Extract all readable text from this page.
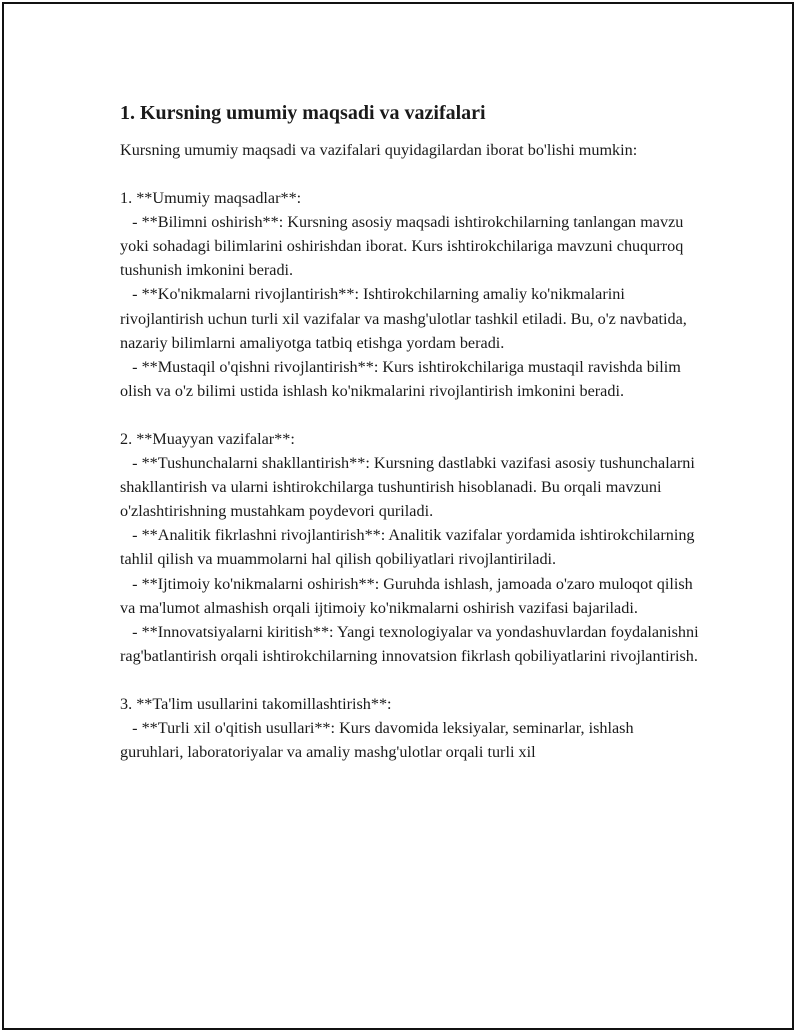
1. Kursning umumiy maqsadi va vazifalari

Kursning umumiy maqsadi va vazifalari quyidagilardan iborat bo'lishi mumkin:

1. **Umumiy maqsadlar**:

- **Bilimni oshirish**: Kursning asosiy maqsadi ishtirokchilarning tanlangan mavzu yoki sohadagi bilimlarini oshirishdan iborat. Kurs ishtirokchilariga mavzuni chuqurroq tushunish imkonini beradi.

- **Ko'nikmalarni rivojlantirish**: Ishtirokchilarning amaliy ko'nikmalarini rivojlantirish uchun turli xil vazifalar va mashg'ulotlar tashkil etiladi. Bu, o'z navbatida, nazariy bilimlarni amaliyotga tatbiq etishga yordam beradi.

- **Mustaqil o'qishni rivojlantirish**: Kurs ishtirokchilariga mustaqil ravishda bilim olish va o'z bilimi ustida ishlash ko'nikmalarini rivojlantirish imkonini beradi.

2. **Muayyan vazifalar**:

- **Tushunchalarni shakllantirish**: Kursning dastlabki vazifasi asosiy tushunchalarni shakllantirish va ularni ishtirokchilarga tushuntirish hisoblanadi. Bu orqali mavzuni o'zlashtirishning mustahkam poydevori quriladi.

- **Analitik fikrlashni rivojlantirish**: Analitik vazifalar yordamida ishtirokchilarning tahlil qilish va muammolarni hal qilish qobiliyatlari rivojlantiriladi.

- **Ijtimoiy ko'nikmalarni oshirish**: Guruhda ishlash, jamoada o'zaro muloqot qilish va ma'lumot almashish orqali ijtimoiy ko'nikmalarni oshirish vazifasi bajariladi.

- **Innovatsiyalarni kiritish**: Yangi texnologiyalar va yondashuvlardan foydalanishni rag'batlantirish orqali ishtirokchilarning innovatsion fikrlash qobiliyatlarini rivojlantirish.

3. **Ta'lim usullarini takomillashtirish**:

- **Turli xil o'qitish usullari**: Kurs davomida leksiyalar, seminarlar, ishlash guruhlari, laboratoriyalar va amaliy mashg'ulotlar orqali turli xil
